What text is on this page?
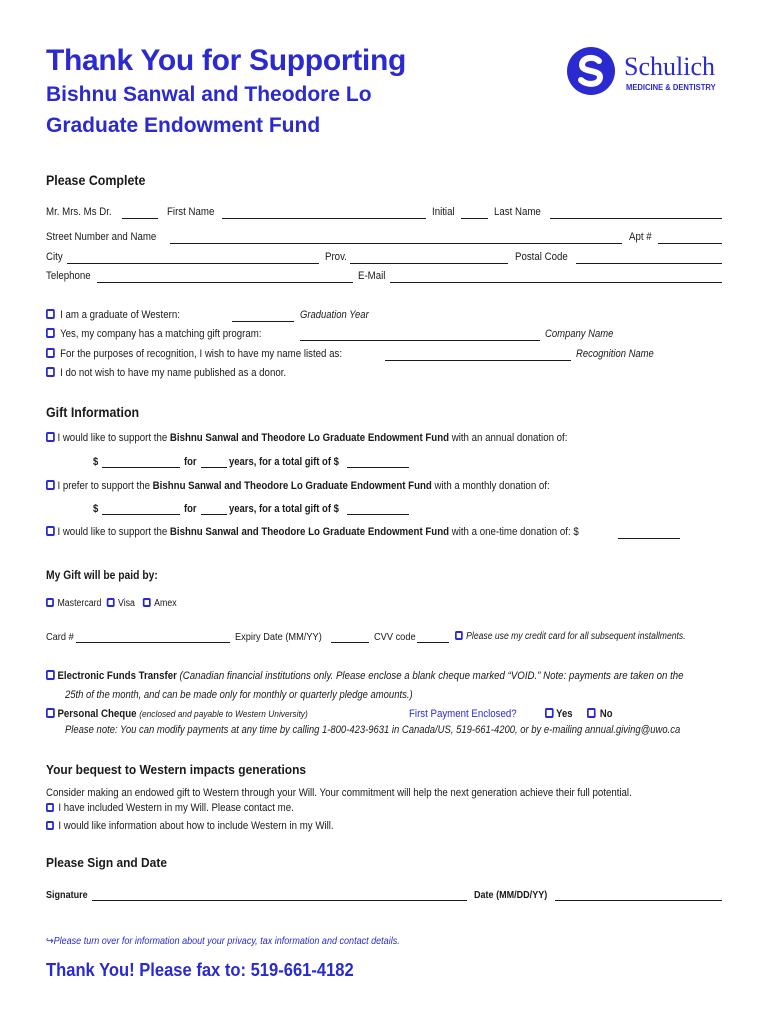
Thank You for Supporting
Bishnu Sanwal and Theodore Lo
Graduate Endowment Fund
Schulich
MEDICINE & DENTISTRY
Please Complete
Mr. Mrs. Ms Dr.	First Name	Initial	Last Name
Street Number and Name	Apt #
City	Prov.	Postal Code
Telephone	E-Mail
I am a graduate of Western:	Graduation Year
Yes, my company has a matching gift program:	Company Name
For the purposes of recognition, I wish to have my name listed as:	Recognition Name
I do not wish to have my name published as a donor.
Gift Information
I would like to support the Bishnu Sanwal and Theodore Lo Graduate Endowment Fund with an annual donation of:
$	for	years, for a total gift of $
I prefer to support the Bishnu Sanwal and Theodore Lo Graduate Endowment Fund with a monthly donation of:
$	for	years, for a total gift of $
I would like to support the Bishnu Sanwal and Theodore Lo Graduate Endowment Fund with a one-time donation of: $
My Gift will be paid by:
Mastercard Visa Amex
Card #	Expiry Date (MM/YY)	CVV code	Please use my credit card for all subsequent installments.
Electronic Funds Transfer (Canadian financial institutions only. Please enclose a blank cheque marked “VOID.” Note: payments are taken on the
25th of the month, and can be made only for monthly or quarterly pledge amounts.)
Personal Cheque (enclosed and payable to Western University)	First Payment Enclosed?	Yes	No
Please note: You can modify payments at any time by calling 1-800-423-9631 in Canada/US, 519-661-4200, or by e-mailing annual.giving@uwo.ca
Your bequest to Western impacts generations
Consider making an endowed gift to Western through your Will. Your commitment will help the next generation achieve their full potential.
I have included Western in my Will. Please contact me.
I would like information about how to include Western in my Will.
Please Sign and Date
Signature	Date (MM/DD/YY)
↪Please turn over for information about your privacy, tax information and contact details.
Thank You! Please fax to: 519-661-4182
